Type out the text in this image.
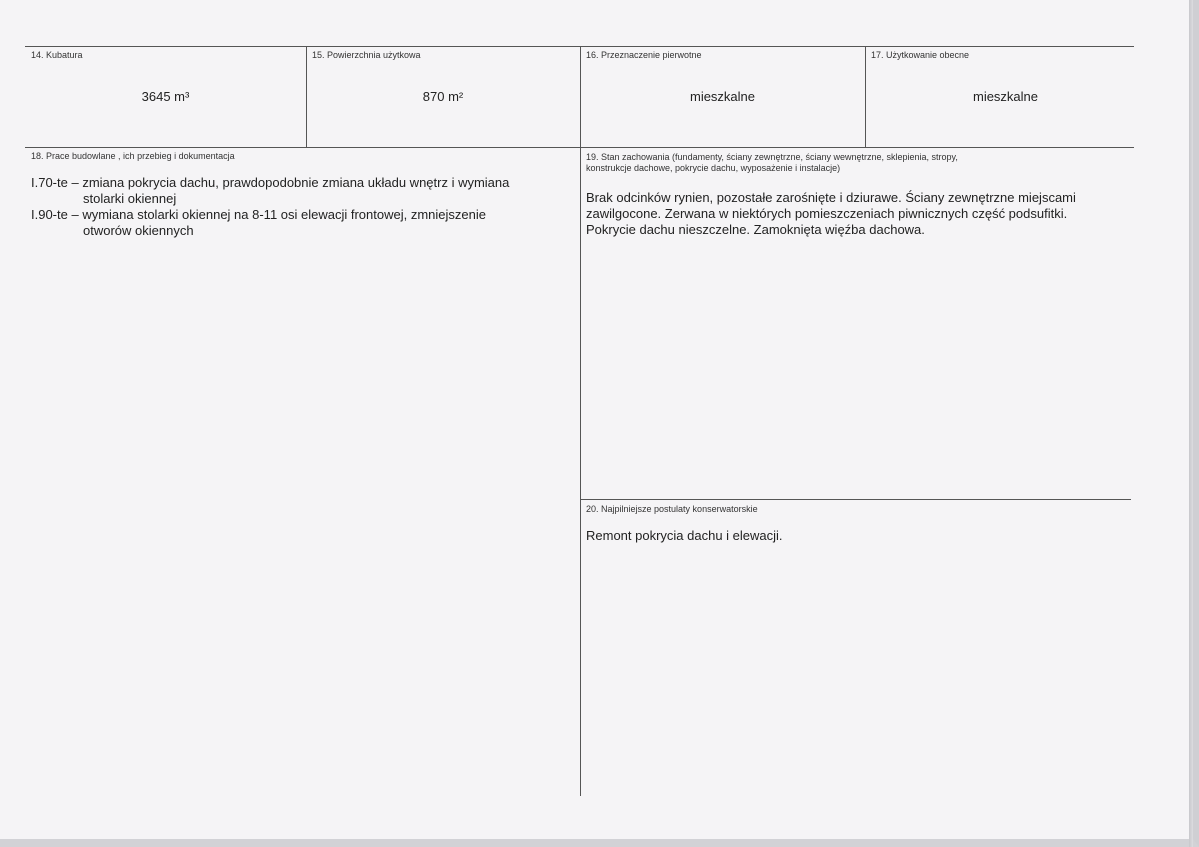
14. Kubatura
3645 m³
15. Powierzchnia użytkowa
870 m²
16. Przeznaczenie pierwotne
mieszkalne
17. Użytkowanie obecne
mieszkalne
18. Prace budowlane , ich przebieg i dokumentacja
I.70-te – zmiana pokrycia dachu, prawdopodobnie zmiana układu wnętrz i wymiana
stolarki okiennej
I.90-te – wymiana stolarki okiennej na 8-11 osi elewacji frontowej, zmniejszenie
otworów okiennych
19. Stan zachowania (fundamenty, ściany zewnętrzne, ściany wewnętrzne, sklepienia, stropy,
konstrukcje dachowe, pokrycie dachu, wyposażenie i instalacje)
Brak odcinków rynien, pozostałe zarośnięte i dziurawe. Ściany zewnętrzne miejscami
zawilgocone. Zerwana w niektórych pomieszczeniach piwnicznych część podsufitki.
Pokrycie dachu nieszczelne. Zamoknięta więźba dachowa.
20. Najpilniejsze postulaty konserwatorskie
Remont pokrycia dachu i elewacji.
